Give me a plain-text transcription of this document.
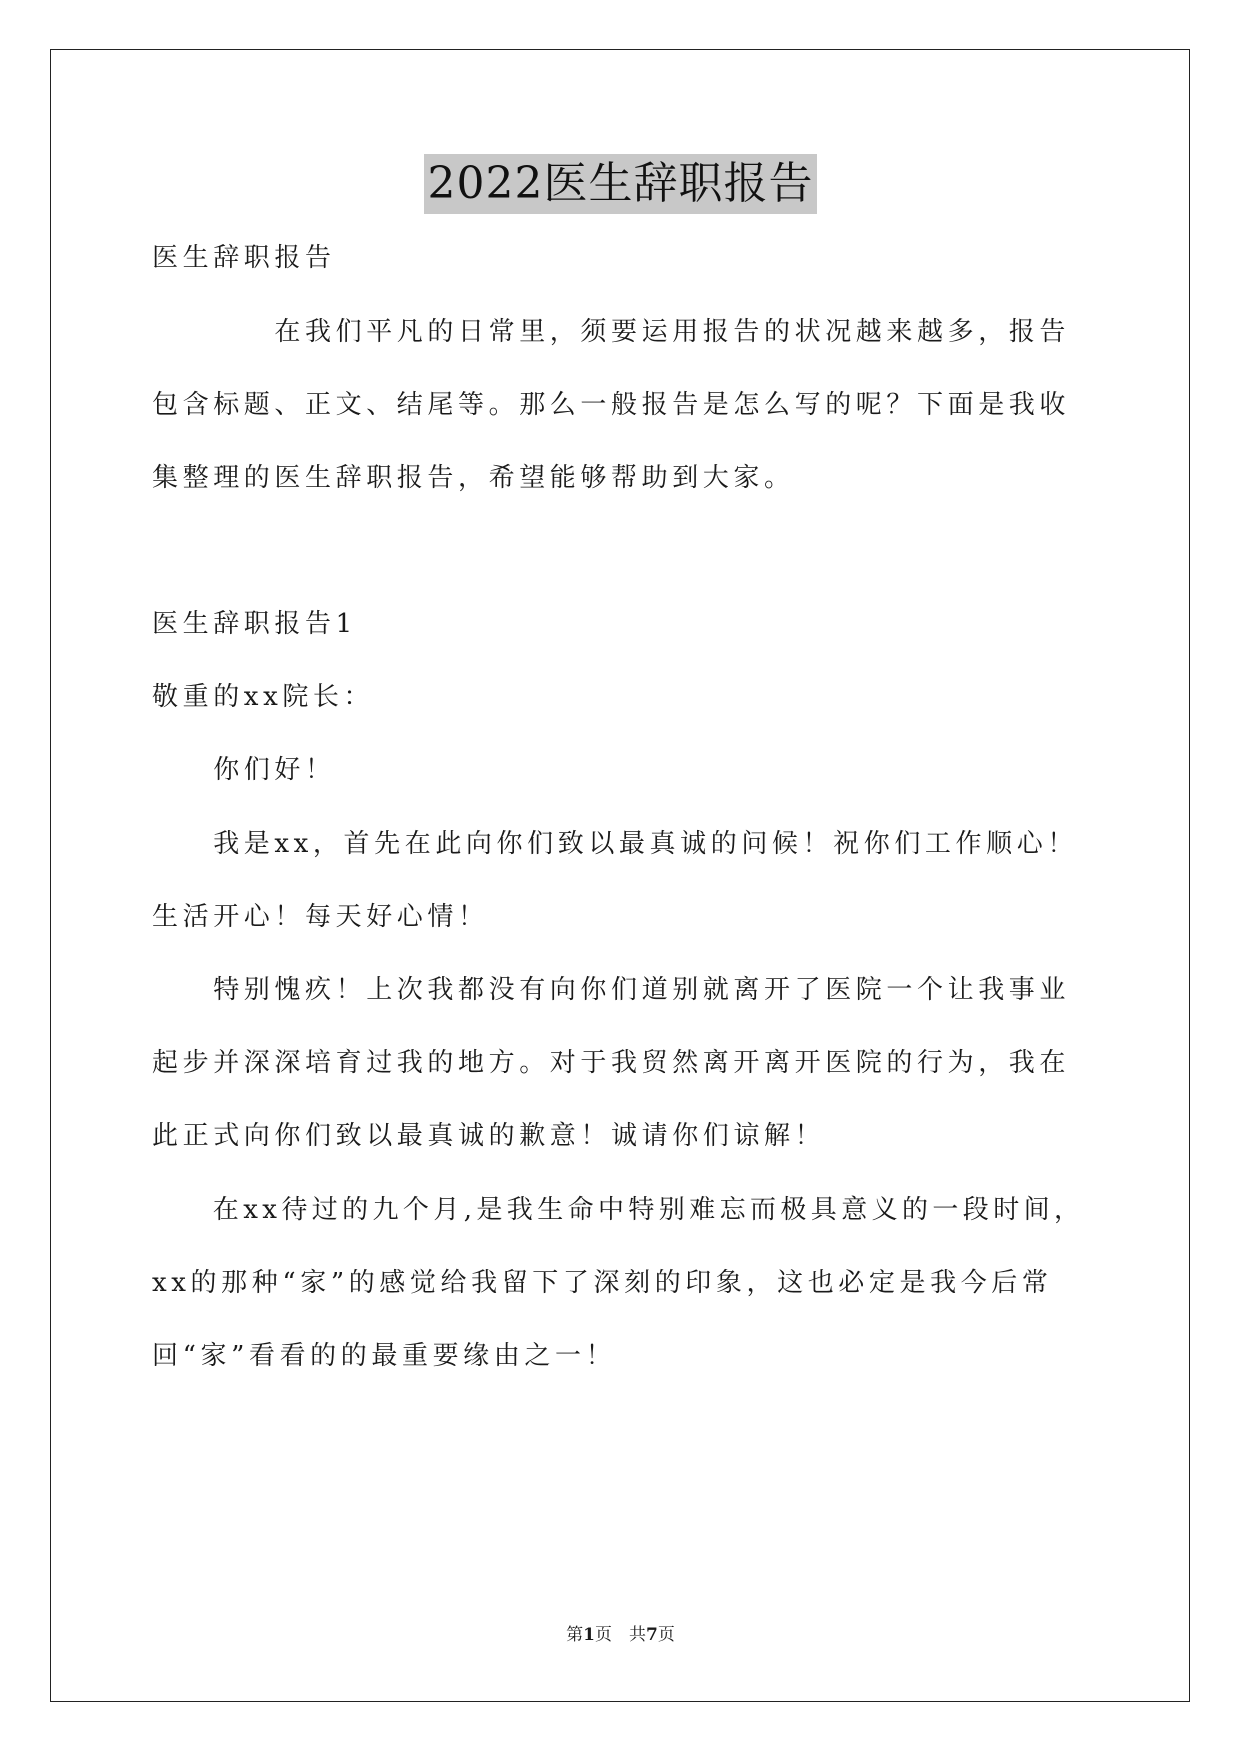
2022医生辞职报告
医生辞职报告
　　　　在我们平凡的日常里，须要运用报告的状况越来越多，报告
包含标题、正文、结尾等。那么一般报告是怎么写的呢？下面是我收
集整理的医生辞职报告，希望能够帮助到大家。
医生辞职报告1
敬重的xx院长：
　　你们好！
　　我是xx，首先在此向你们致以最真诚的问候！祝你们工作顺心！
生活开心！每天好心情！
　　特别愧疚！上次我都没有向你们道别就离开了医院一个让我事业
起步并深深培育过我的地方。对于我贸然离开离开医院的行为，我在
此正式向你们致以最真诚的歉意！诚请你们谅解！
　　在xx待过的九个月,是我生命中特别难忘而极具意义的一段时间，
xx的那种“家”的感觉给我留下了深刻的印象，这也必定是我今后常
回“家”看看的的最重要缘由之一！
第1页　共7页
